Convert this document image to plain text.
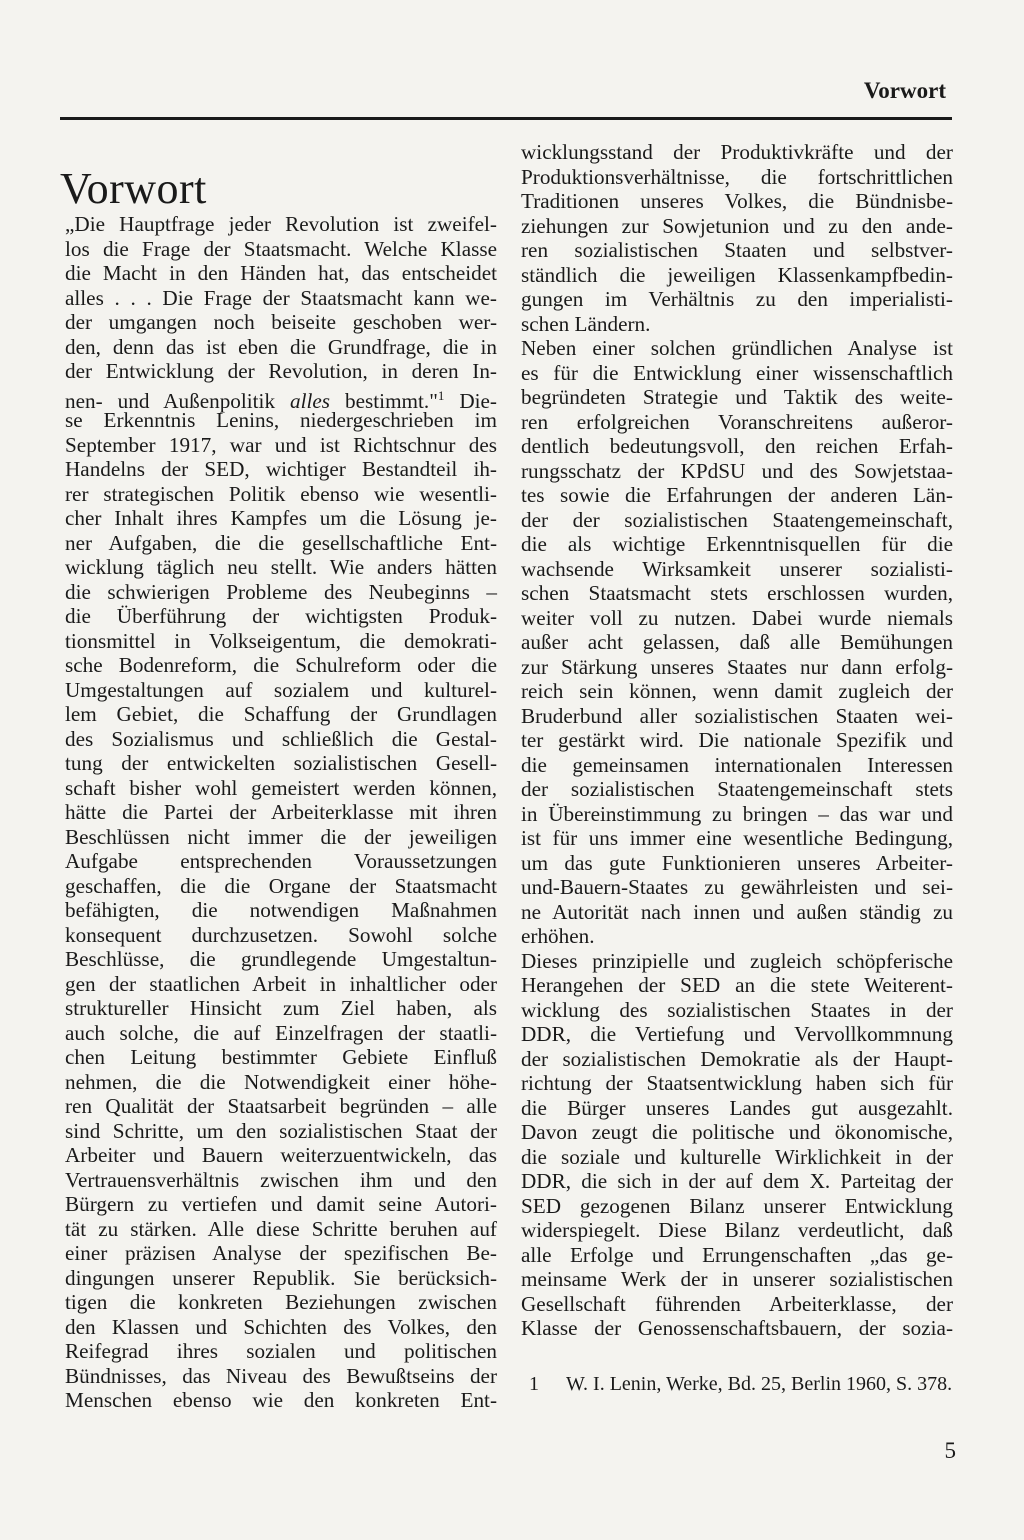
Vorwort
Vorwort
„Die Hauptfrage jeder Revolution ist zweifel-
los die Frage der Staatsmacht. Welche Klasse
die Macht in den Händen hat, das entscheidet
alles . . . Die Frage der Staatsmacht kann we-
der umgangen noch beiseite geschoben wer-
den, denn das ist eben die Grundfrage, die in
der Entwicklung der Revolution, in deren In-
nen- und Außenpolitik alles bestimmt."$^1$ Die-
se Erkenntnis Lenins, niedergeschrieben im
September 1917, war und ist Richtschnur des
Handelns der SED, wichtiger Bestandteil ih-
rer strategischen Politik ebenso wie wesentli-
cher Inhalt ihres Kampfes um die Lösung je-
ner Aufgaben, die die gesellschaftliche Ent-
wicklung täglich neu stellt. Wie anders hätten
die schwierigen Probleme des Neubeginns –
die Überführung der wichtigsten Produk-
tionsmittel in Volkseigentum, die demokrati-
sche Bodenreform, die Schulreform oder die
Umgestaltungen auf sozialem und kulturel-
lem Gebiet, die Schaffung der Grundlagen
des Sozialismus und schließlich die Gestal-
tung der entwickelten sozialistischen Gesell-
schaft bisher wohl gemeistert werden können,
hätte die Partei der Arbeiterklasse mit ihren
Beschlüssen nicht immer die der jeweiligen
Aufgabe entsprechenden Voraussetzungen
geschaffen, die die Organe der Staatsmacht
befähigten, die notwendigen Maßnahmen
konsequent durchzusetzen. Sowohl solche
Beschlüsse, die grundlegende Umgestaltun-
gen der staatlichen Arbeit in inhaltlicher oder
struktureller Hinsicht zum Ziel haben, als
auch solche, die auf Einzelfragen der staatli-
chen Leitung bestimmter Gebiete Einfluß
nehmen, die die Notwendigkeit einer höhe-
ren Qualität der Staatsarbeit begründen – alle
sind Schritte, um den sozialistischen Staat der
Arbeiter und Bauern weiterzuentwickeln, das
Vertrauensverhältnis zwischen ihm und den
Bürgern zu vertiefen und damit seine Autori-
tät zu stärken. Alle diese Schritte beruhen auf
einer präzisen Analyse der spezifischen Be-
dingungen unserer Republik. Sie berücksich-
tigen die konkreten Beziehungen zwischen
den Klassen und Schichten des Volkes, den
Reifegrad ihres sozialen und politischen
Bündnisses, das Niveau des Bewußtseins der
Menschen ebenso wie den konkreten Ent-
wicklungsstand der Produktivkräfte und der
Produktionsverhältnisse, die fortschrittlichen
Traditionen unseres Volkes, die Bündnisbe-
ziehungen zur Sowjetunion und zu den ande-
ren sozialistischen Staaten und selbstver-
ständlich die jeweiligen Klassenkampfbedin-
gungen im Verhältnis zu den imperialisti-
schen Ländern.
Neben einer solchen gründlichen Analyse ist
es für die Entwicklung einer wissenschaftlich
begründeten Strategie und Taktik des weite-
ren erfolgreichen Voranschreitens außeror-
dentlich bedeutungsvoll, den reichen Erfah-
rungsschatz der KPdSU und des Sowjetstaa-
tes sowie die Erfahrungen der anderen Län-
der der sozialistischen Staatengemeinschaft,
die als wichtige Erkenntnisquellen für die
wachsende Wirksamkeit unserer sozialisti-
schen Staatsmacht stets erschlossen wurden,
weiter voll zu nutzen. Dabei wurde niemals
außer acht gelassen, daß alle Bemühungen
zur Stärkung unseres Staates nur dann erfolg-
reich sein können, wenn damit zugleich der
Bruderbund aller sozialistischen Staaten wei-
ter gestärkt wird. Die nationale Spezifik und
die gemeinsamen internationalen Interessen
der sozialistischen Staatengemeinschaft stets
in Übereinstimmung zu bringen – das war und
ist für uns immer eine wesentliche Bedingung,
um das gute Funktionieren unseres Arbeiter-
und-Bauern-Staates zu gewährleisten und sei-
ne Autorität nach innen und außen ständig zu
erhöhen.
Dieses prinzipielle und zugleich schöpferische
Herangehen der SED an die stete Weiterent-
wicklung des sozialistischen Staates in der
DDR, die Vertiefung und Vervollkommnung
der sozialistischen Demokratie als der Haupt-
richtung der Staatsentwicklung haben sich für
die Bürger unseres Landes gut ausgezahlt.
Davon zeugt die politische und ökonomische,
die soziale und kulturelle Wirklichkeit in der
DDR, die sich in der auf dem X. Parteitag der
SED gezogenen Bilanz unserer Entwicklung
widerspiegelt. Diese Bilanz verdeutlicht, daß
alle Erfolge und Errungenschaften „das ge-
meinsame Werk der in unserer sozialistischen
Gesellschaft führenden Arbeiterklasse, der
Klasse der Genossenschaftsbauern, der sozia-
1 W. I. Lenin, Werke, Bd. 25, Berlin 1960, S. 378.
5
